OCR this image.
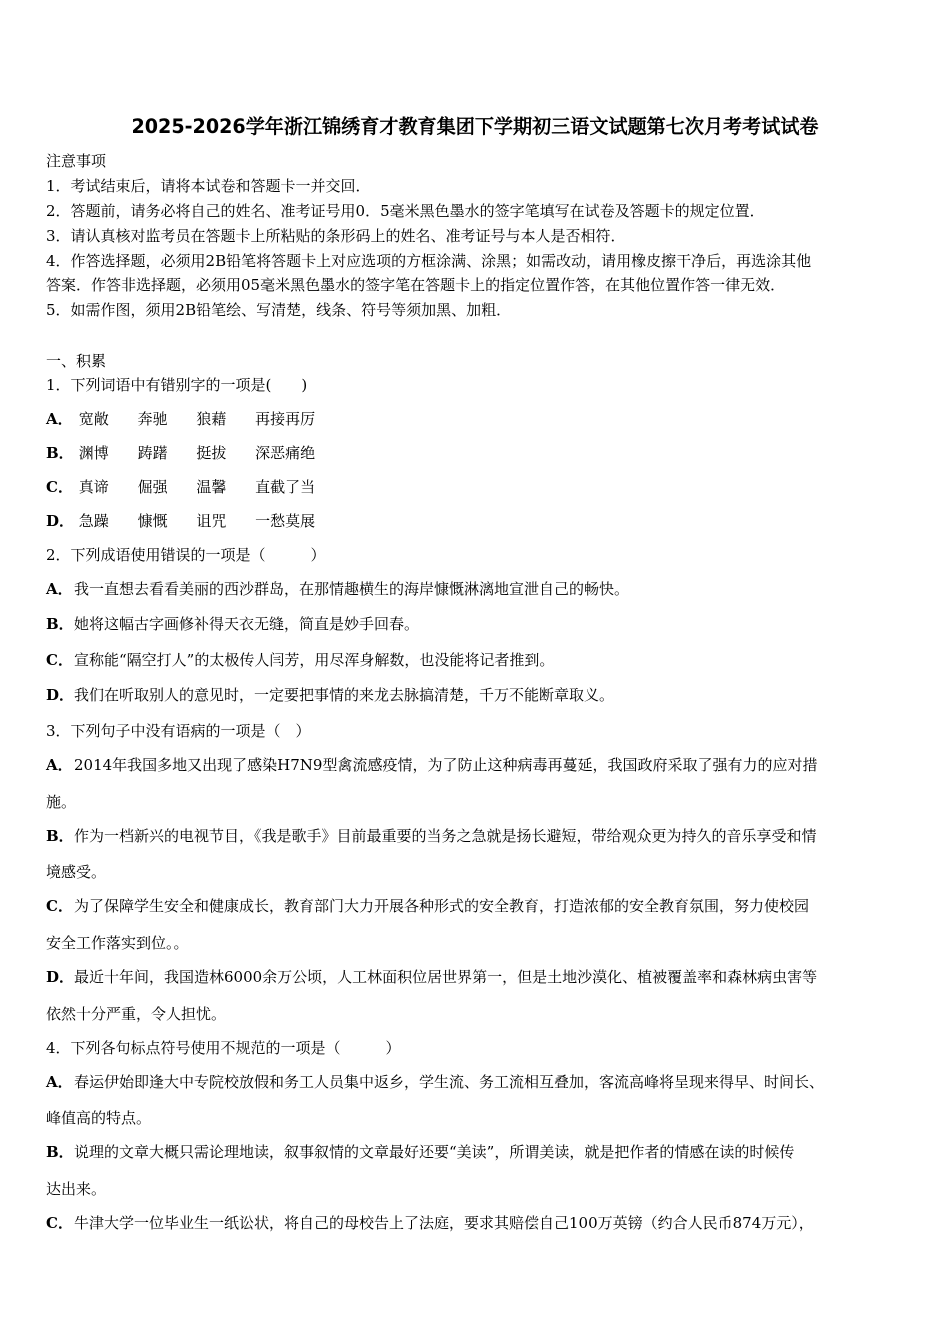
2025-2026学年浙江锦绣育才教育集团下学期初三语文试题第七次月考考试试卷
注意事项
1．考试结束后，请将本试卷和答题卡一并交回．
2．答题前，请务必将自己的姓名、准考证号用0．5毫米黑色墨水的签字笔填写在试卷及答题卡的规定位置．
3．请认真核对监考员在答题卡上所粘贴的条形码上的姓名、准考证号与本人是否相符．
4．作答选择题，必须用2B铅笔将答题卡上对应选项的方框涂满、涂黑；如需改动，请用橡皮擦干净后，再选涂其他
答案．作答非选择题，必须用05毫米黑色墨水的签字笔在答题卡上的指定位置作答，在其他位置作答一律无效．
5．如需作图，须用2B铅笔绘、写清楚，线条、符号等须加黑、加粗．
一、积累
1．下列词语中有错别字的一项是(　　)
A． 宽敞 奔驰 狼藉 再接再厉
B． 渊博 踌躇 挺拔 深恶痛绝
C． 真谛 倔强 温馨 直截了当
D． 急躁 慷慨 诅咒 一愁莫展
2．下列成语使用错误的一项是（　　　）
A．我一直想去看看美丽的西沙群岛，在那情趣横生的海岸慷慨淋漓地宣泄自己的畅快。
B．她将这幅古字画修补得天衣无缝，简直是妙手回春。
C．宣称能“隔空打人”的太极传人闫芳，用尽浑身解数，也没能将记者推到。
D．我们在听取别人的意见时，一定要把事情的来龙去脉搞清楚，千万不能断章取义。
3．下列句子中没有语病的一项是（　）
A．2014年我国多地又出现了感染H7N9型禽流感疫情，为了防止这种病毒再蔓延，我国政府采取了强有力的应对措
施。
B．作为一档新兴的电视节目，《我是歌手》目前最重要的当务之急就是扬长避短，带给观众更为持久的音乐享受和情
境感受。
C．为了保障学生安全和健康成长，教育部门大力开展各种形式的安全教育，打造浓郁的安全教育氛围，努力使校园
安全工作落实到位。。
D．最近十年间，我国造林6000余万公顷，人工林面积位居世界第一，但是土地沙漠化、植被覆盖率和森林病虫害等
依然十分严重，令人担忧。
4．下列各句标点符号使用不规范的一项是（　　　）
A．春运伊始即逢大中专院校放假和务工人员集中返乡，学生流、务工流相互叠加，客流高峰将呈现来得早、时间长、
峰值高的特点。
B．说理的文章大概只需论理地读，叙事叙情的文章最好还要“美读”，所谓美读，就是把作者的情感在读的时候传
达出来。
C．牛津大学一位毕业生一纸讼状，将自己的母校告上了法庭，要求其赔偿自己100万英镑（约合人民币874万元），
